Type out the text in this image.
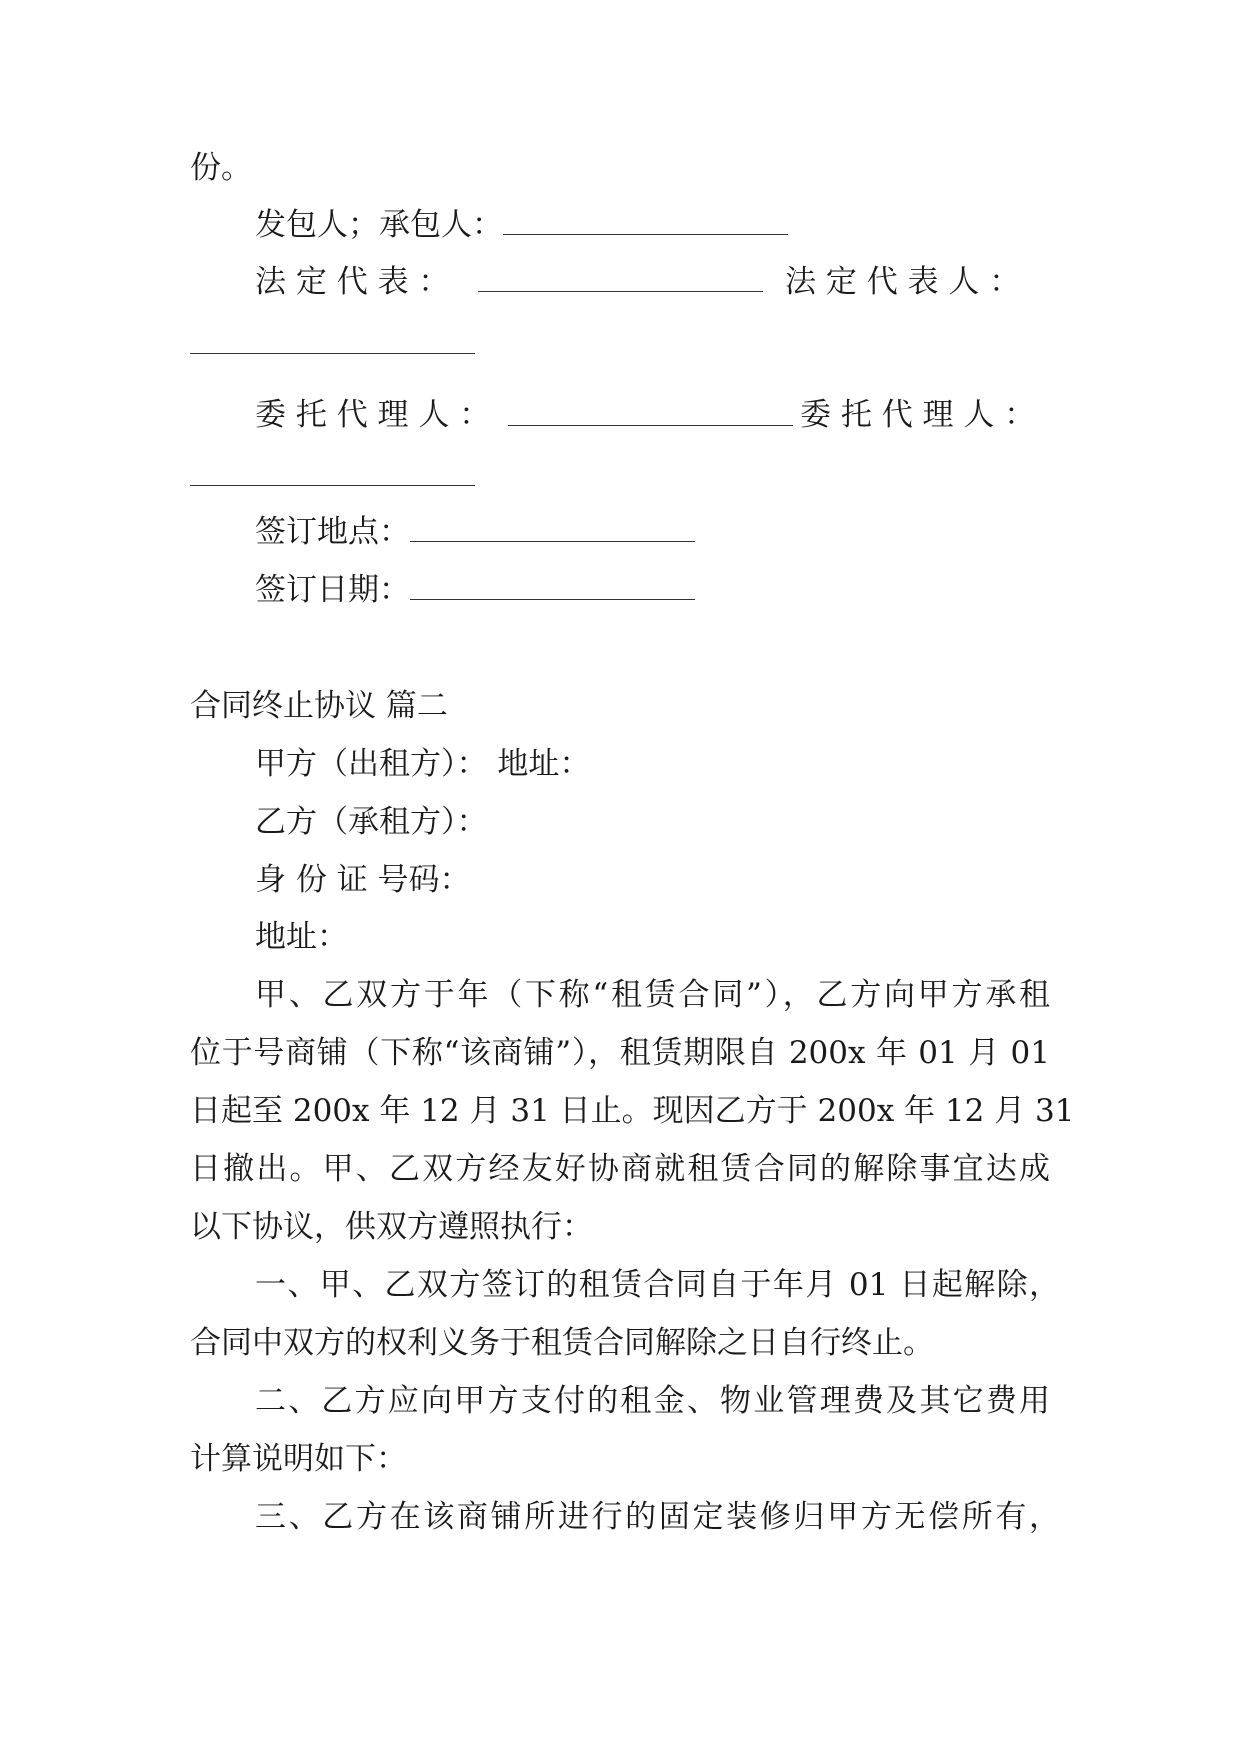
份。
发包人；承包人：
法 定 代 表 ：	法 定 代 表 人 ：
委 托 代 理 人 ：	委 托 代 理 人 ：
签订地点：
签订日期：
合同终止协议 篇二
甲方（出租方）： 地址：
乙方（承租方）：
身 份 证 号码：
地址：
甲、乙双方于年（下称“租赁合同”），乙方向甲方承租
位于号商铺（下称“该商铺”），租赁期限自 200x 年 01 月 01
日起至 200x 年 12 月 31 日止。现因乙方于 200x 年 12 月 31
日撤出。甲、乙双方经友好协商就租赁合同的解除事宜达成
以下协议，供双方遵照执行：
一、甲、乙双方签订的租赁合同自于年月 01 日起解除，
合同中双方的权利义务于租赁合同解除之日自行终止。
二、乙方应向甲方支付的租金、物业管理费及其它费用
计算说明如下：
三、乙方在该商铺所进行的固定装修归甲方无偿所有，
